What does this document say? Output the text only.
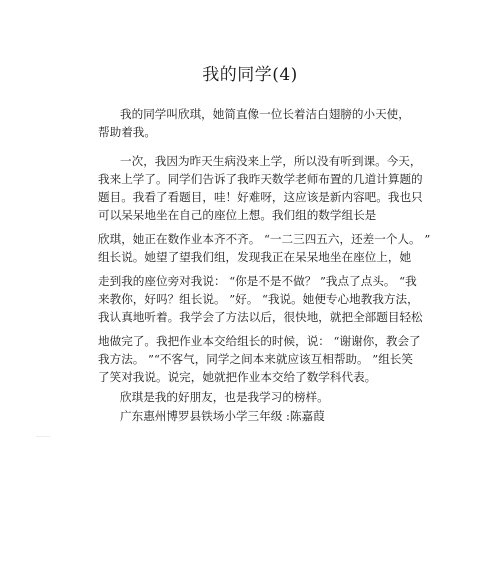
我的同学(4)
我的同学叫欣琪，她简直像一位长着洁白翅膀的小天使，
帮助着我。
一次，我因为昨天生病没来上学，所以没有听到课。今天，
我来上学了。同学们告诉了我昨天数学老师布置的几道计算题的
题目。我看了看题目，哇！好难呀，这应该是新内容吧。我也只
可以呆呆地坐在自己的座位上想。我们组的数学组长是
欣琪，她正在数作业本齐不齐。 “一二三四五六，还差一个人。 ”
组长说。她望了望我们组，发现我正在呆呆地坐在座位上，她
走到我的座位旁对我说： “你是不是不做？ ”我点了点头。 “我
来教你，好吗？组长说。 ”好。 “我说。她便专心地教我方法，
我认真地听着。我学会了方法以后，很快地，就把全部题目轻松
地做完了。我把作业本交给组长的时候，说： “谢谢你，教会了
我方法。 ”“不客气，同学之间本来就应该互相帮助。 ”组长笑
了笑对我说。说完，她就把作业本交给了数学科代表。
欣琪是我的好朋友，也是我学习的榜样。
广东惠州博罗县铁场小学三年级 :陈嘉葭
